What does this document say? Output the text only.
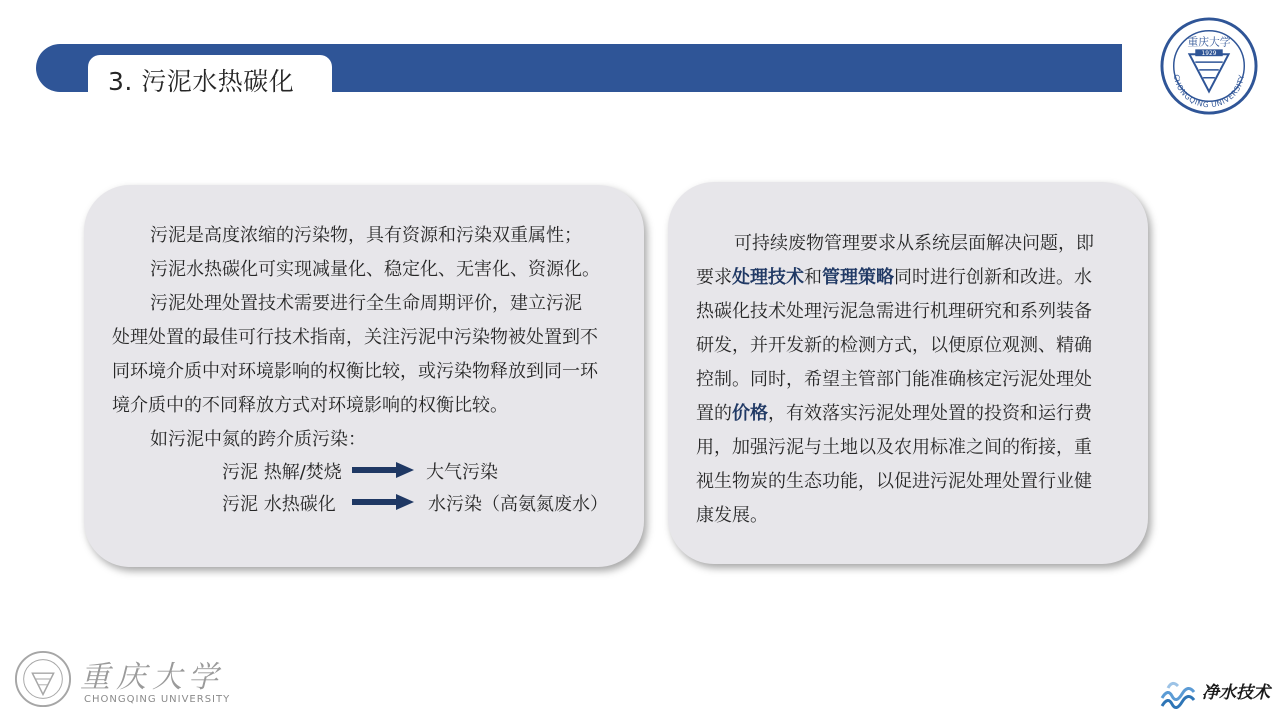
3. 污泥水热碳化
1929
重庆大学
CHONGQING UNIVERSITY
污泥是高度浓缩的污染物，具有资源和污染双重属性；
污泥水热碳化可实现减量化、稳定化、无害化、资源化。
污泥处理处置技术需要进行全生命周期评价，建立污泥
处理处置的最佳可行技术指南，关注污泥中污染物被处置到不
同环境介质中对环境影响的权衡比较，或污染物释放到同一环
境介质中的不同释放方式对环境影响的权衡比较。
如污泥中氮的跨介质污染：
污泥 热解/焚烧	大气污染
污泥 水热碳化	水污染（高氨氮废水）
可持续废物管理要求从系统层面解决问题，即
要求处理技术和管理策略同时进行创新和改进。水
热碳化技术处理污泥急需进行机理研究和系列装备
研发，并开发新的检测方式，以便原位观测、精确
控制。同时，希望主管部门能准确核定污泥处理处
置的价格，有效落实污泥处理处置的投资和运行费
用，加强污泥与土地以及农用标准之间的衔接，重
视生物炭的生态功能，以促进污泥处理处置行业健
康发展。
重庆大学
CHONGQING UNIVERSITY	净水技术
